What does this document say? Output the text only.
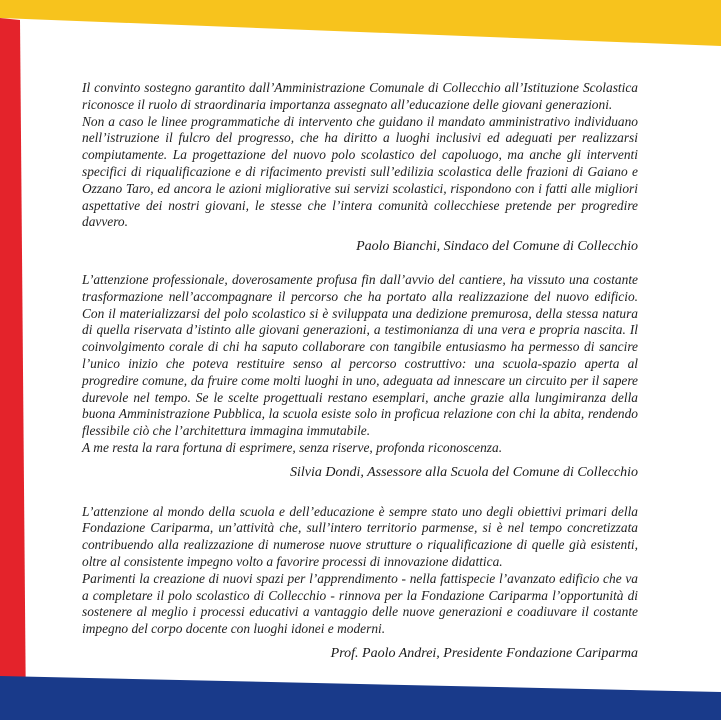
Il convinto sostegno garantito dall’Amministrazione Comunale di Collecchio all’Istituzione Scolastica riconosce il ruolo di straordinaria importanza assegnato all’educazione delle giovani generazioni.

Non a caso le linee programmatiche di intervento che guidano il mandato amministrativo individuano nell’istruzione il fulcro del progresso, che ha diritto a luoghi inclusivi ed adeguati per realizzarsi compiutamente. La progettazione del nuovo polo scolastico del capoluogo, ma anche gli interventi specifici di riqualificazione e di rifacimento previsti sull’edilizia scolastica delle frazioni di Gaiano e Ozzano Taro, ed ancora le azioni migliorative sui servizi scolastici, rispondono con i fatti alle migliori aspettative dei nostri giovani, le stesse che l’intera comunità collecchiese pretende per progredire davvero.

Paolo Bianchi, Sindaco del Comune di Collecchio

L’attenzione professionale, doverosamente profusa fin dall’avvio del cantiere, ha vissuto una costante trasformazione nell’accompagnare il percorso che ha portato alla realizzazione del nuovo edificio. Con il materializzarsi del polo scolastico si è sviluppata una dedizione premurosa, della stessa natura di quella riservata d’istinto alle giovani generazioni, a testimonianza di una vera e propria nascita. Il coinvolgimento corale di chi ha saputo collaborare con tangibile entusiasmo ha permesso di sancire l’unico inizio che poteva restituire senso al percorso costruttivo: una scuola-spazio aperta al progredire comune, da fruire come molti luoghi in uno, adeguata ad innescare un circuito per il sapere durevole nel tempo. Se le scelte progettuali restano esemplari, anche grazie alla lungimiranza della buona Amministrazione Pubblica, la scuola esiste solo in proficua relazione con chi la abita, rendendo flessibile ciò che l’architettura immagina immutabile.

A me resta la rara fortuna di esprimere, senza riserve, profonda riconoscenza.

Silvia Dondi, Assessore alla Scuola del Comune di Collecchio

L’attenzione al mondo della scuola e dell’educazione è sempre stato uno degli obiettivi primari della Fondazione Cariparma, un’attività che, sull’intero territorio parmense, si è nel tempo concretizzata contribuendo alla realizzazione di numerose nuove strutture o riqualificazione di quelle già esistenti, oltre al consistente impegno volto a favorire processi di innovazione didattica.

Parimenti la creazione di nuovi spazi per l’apprendimento - nella fattispecie l’avanzato edificio che va a completare il polo scolastico di Collecchio - rinnova per la Fondazione Cariparma l’opportunità di sostenere al meglio i processi educativi a vantaggio delle nuove generazioni e coadiuvare il costante impegno del corpo docente con luoghi idonei e moderni.

Prof. Paolo Andrei, Presidente Fondazione Cariparma
